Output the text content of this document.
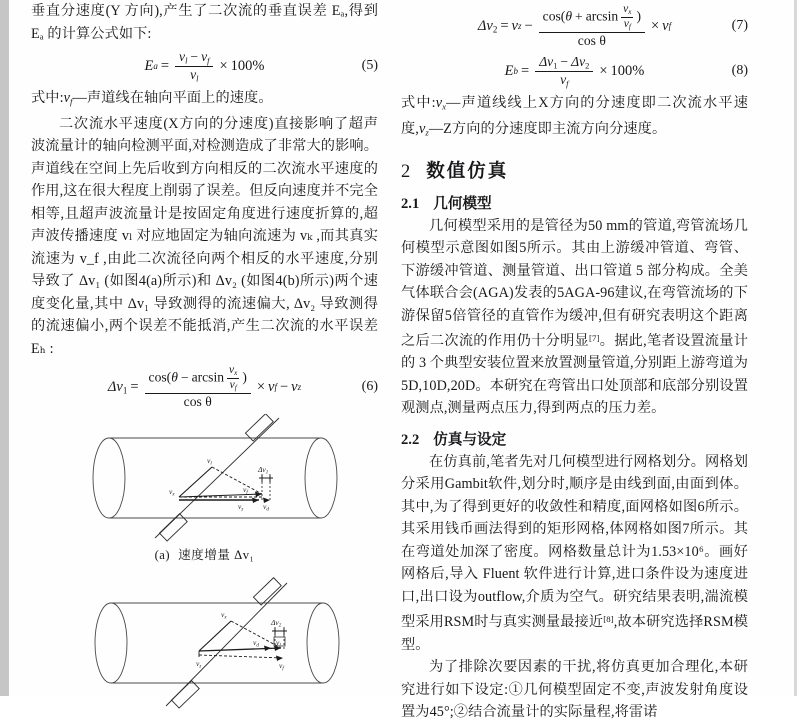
垂直分速度(Y 方向),产生了二次流的垂直误差 Eₐ,得到 Eₐ 的计算公式如下:

E $a = \frac{v_l - v_f}{v_l} \times 100\%$	(5)

式中$:v_f—$声道线在轴向平面上的速度。

二次流水平速度(X方向的分速度)直接影响了超声波流量计的轴向检测平面,对检测造成了非常大的影响。声道线在空间上先后收到方向相反的二次流水平速度的作用,这在很大程度上削弱了误差。但反向速度并不完全相等,且超声波流量计是按固定角度进行速度折算的,超声波传播速度 vₗ 对应地固定为轴向流速为 vₖ ,而其真实流速为 v_f ,由此二次流径向两个相反的水平速度,分别导致了 Δv₁ (如图4(a)所示)和 Δv₂ (如图4(b)所示)两个速度变化量,其中 Δv₁ 导致测得的流速偏大, Δv₂ 导致测得的流速偏小,两个误差不能抵消,产生二次流的水平误差 Eₕ :

$\Delta v_1 = \frac{\cos(\theta - \arcsin \frac{v_x}{v_f} )}{\text{cos θ}} \times v$ f − v z	(6)
$v_l$
$v_x$
$v_f$
$v_z$	$v_d$
$\Delta v_1$
(a) 速度增量 Δv₁
$v_x$
$v_d$
$v_z$	$v_f$
$v_l$
$\Delta v_2$
$\Delta v_2 = v$ $z - \frac{\cos(\theta + \arcsin \frac{v_x}{v_f} )}{\text{cos θ}} \times v$ f	(7)
E $b = \frac{\Delta v_1 - \Delta v_2}{v_f} \times 100\%$	(8)

式中$:v_x—$声道线线上X方向的分速度即二次流水平速度$,v_z—Z$方向的分速度即主流方向分速度。

2 数值仿真
2.1 几何模型

几何模型采用的是管径为50 mm的管道,弯管流场几何模型示意图如图5所示。其由上游缓冲管道、弯管、下游缓冲管道、测量管道、出口管道 5 部分构成。全美气体联合会(AGA)发表的5AGA-96建议,在弯管流场的下游保留5倍管径的直管作为缓冲,但有研究表明这个距离之后二次流的作用仍十分明显[7]。据此,笔者设置流量计的 3 个典型安装位置来放置测量管道,分别距上游弯道为5D,10D,20D。本研究在弯管出口处顶部和底部分别设置观测点,测量两点压力,得到两点的压力差。

2.2 仿真与设定

在仿真前,笔者先对几何模型进行网格划分。网格划分采用Gambit软件,划分时,顺序是由线到面,由面到体。其中,为了得到更好的收敛性和精度,面网格如图6所示。其采用钱币画法得到的矩形网格,体网格如图7所示。其在弯道处加深了密度。网格数量总计为1.53×10⁶。画好网格后,导入 Fluent 软件进行计算,进口条件设为速度进口,出口设为outflow,介质为空气。研究结果表明,湍流模型采用RSM时与真实测量最接近[8],故本研究选择RSM模型。

为了排除次要因素的干扰,将仿真更加合理化,本研究进行如下设定:①几何模型固定不变,声波发射角度设置为45°;②结合流量计的实际量程,将雷诺
